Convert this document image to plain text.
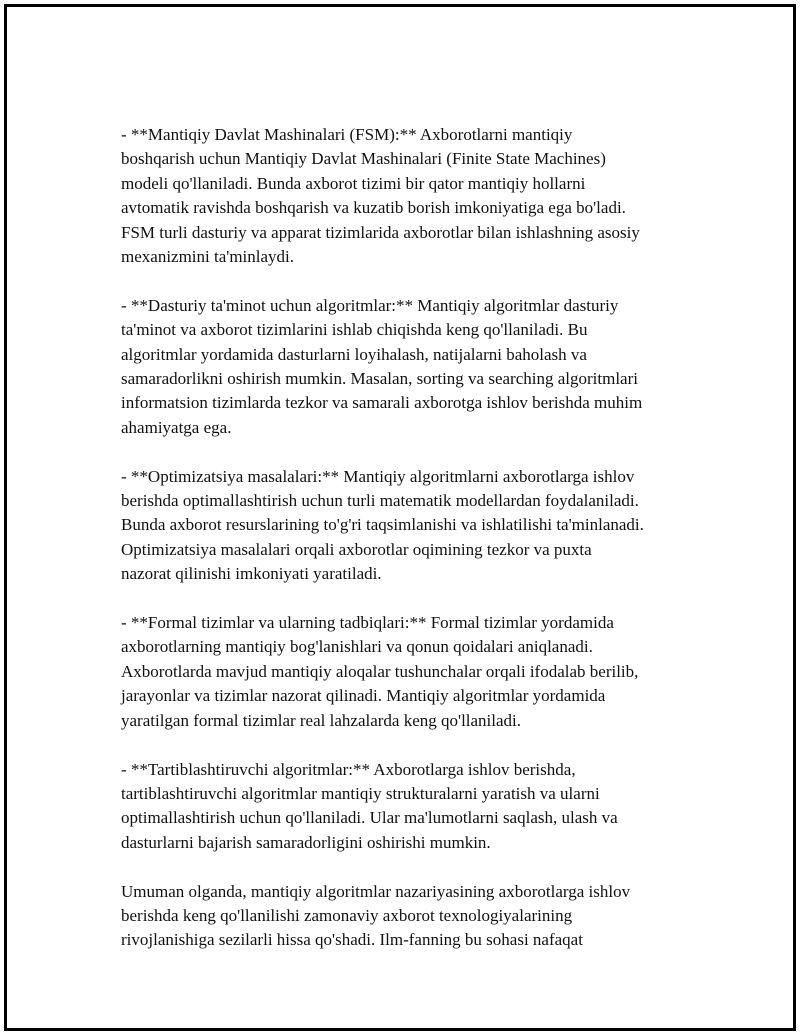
- **Mantiqiy Davlat Mashinalari (FSM):** Axborotlarni mantiqiy
boshqarish uchun Mantiqiy Davlat Mashinalari (Finite State Machines)
modeli qo'llaniladi. Bunda axborot tizimi bir qator mantiqiy hollarni
avtomatik ravishda boshqarish va kuzatib borish imkoniyatiga ega bo'ladi.
FSM turli dasturiy va apparat tizimlarida axborotlar bilan ishlashning asosiy
mexanizmini ta'minlaydi.

- **Dasturiy ta'minot uchun algoritmlar:** Mantiqiy algoritmlar dasturiy
ta'minot va axborot tizimlarini ishlab chiqishda keng qo'llaniladi. Bu
algoritmlar yordamida dasturlarni loyihalash, natijalarni baholash va
samaradorlikni oshirish mumkin. Masalan, sorting va searching algoritmlari
informatsion tizimlarda tezkor va samarali axborotga ishlov berishda muhim
ahamiyatga ega.

- **Optimizatsiya masalalari:** Mantiqiy algoritmlarni axborotlarga ishlov
berishda optimallashtirish uchun turli matematik modellardan foydalaniladi.
Bunda axborot resurslarining to'g'ri taqsimlanishi va ishlatilishi ta'minlanadi.
Optimizatsiya masalalari orqali axborotlar oqimining tezkor va puxta
nazorat qilinishi imkoniyati yaratiladi.

- **Formal tizimlar va ularning tadbiqlari:** Formal tizimlar yordamida
axborotlarning mantiqiy bog'lanishlari va qonun qoidalari aniqlanadi.
Axborotlarda mavjud mantiqiy aloqalar tushunchalar orqali ifodalab berilib,
jarayonlar va tizimlar nazorat qilinadi. Mantiqiy algoritmlar yordamida
yaratilgan formal tizimlar real lahzalarda keng qo'llaniladi.

- **Tartiblashtiruvchi algoritmlar:** Axborotlarga ishlov berishda,
tartiblashtiruvchi algoritmlar mantiqiy strukturalarni yaratish va ularni
optimallashtirish uchun qo'llaniladi. Ular ma'lumotlarni saqlash, ulash va
dasturlarni bajarish samaradorligini oshirishi mumkin.

Umuman olganda, mantiqiy algoritmlar nazariyasining axborotlarga ishlov
berishda keng qo'llanilishi zamonaviy axborot texnologiyalarining
rivojlanishiga sezilarli hissa qo'shadi. Ilm-fanning bu sohasi nafaqat
